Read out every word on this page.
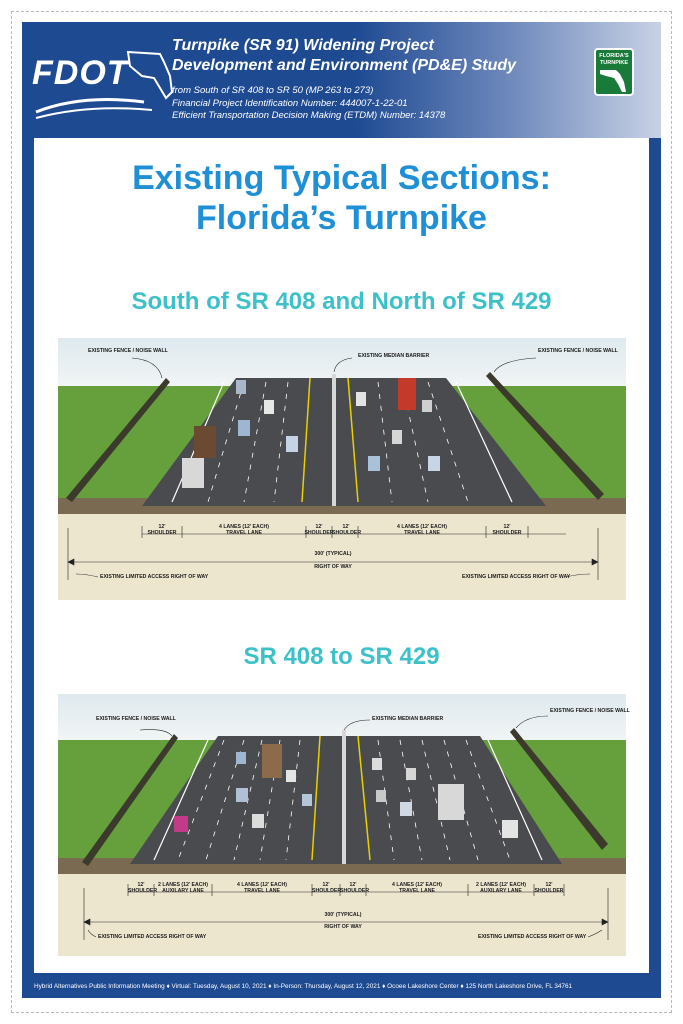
FDOT
Turnpike (SR 91) Widening Project
Development and Environment (PD&E) Study
from South of SR 408 to SR 50 (MP 263 to 273)
Financial Project Identification Number: 444007-1-22-01
Efficient Transportation Decision Making (ETDM) Number: 14378
FLORIDA'S TURNPIKE
Existing Typical Sections:
Florida’s Turnpike
South of SR 408 and North of SR 429
EXISTING FENCE / NOISE WALL
EXISTING MEDIAN BARRIER
EXISTING FENCE / NOISE WALL
12'
SHOULDER
4 LANES (12' EACH)
TRAVEL LANE
12'
SHOULDER
12'
SHOULDER
4 LANES (12' EACH)
TRAVEL LANE
12'
SHOULDER
300' (TYPICAL)
RIGHT OF WAY
EXISTING LIMITED ACCESS RIGHT OF WAY	EXISTING LIMITED ACCESS RIGHT OF WAY
SR 408 to SR 429
EXISTING FENCE / NOISE WALL	EXISTING MEDIAN BARRIER
EXISTING FENCE / NOISE WALL
12'
SHOULDER
2 LANES (12' EACH)
AUXILARY LANE
4 LANES (12' EACH)
TRAVEL LANE
12'
SHOULDER
12'
SHOULDER
4 LANES (12' EACH)
TRAVEL LANE
2 LANES (12' EACH)
AUXILARY LANE
12'
SHOULDER
300' (TYPICAL)
RIGHT OF WAY
EXISTING LIMITED ACCESS RIGHT OF WAY	EXISTING LIMITED ACCESS RIGHT OF WAY
Hybrid Alternatives Public Information Meeting ♦ Virtual: Tuesday, August 10, 2021 ♦ In-Person: Thursday, August 12, 2021 ♦ Ocoee Lakeshore Center ♦ 125 North Lakeshore Drive, FL 34761
